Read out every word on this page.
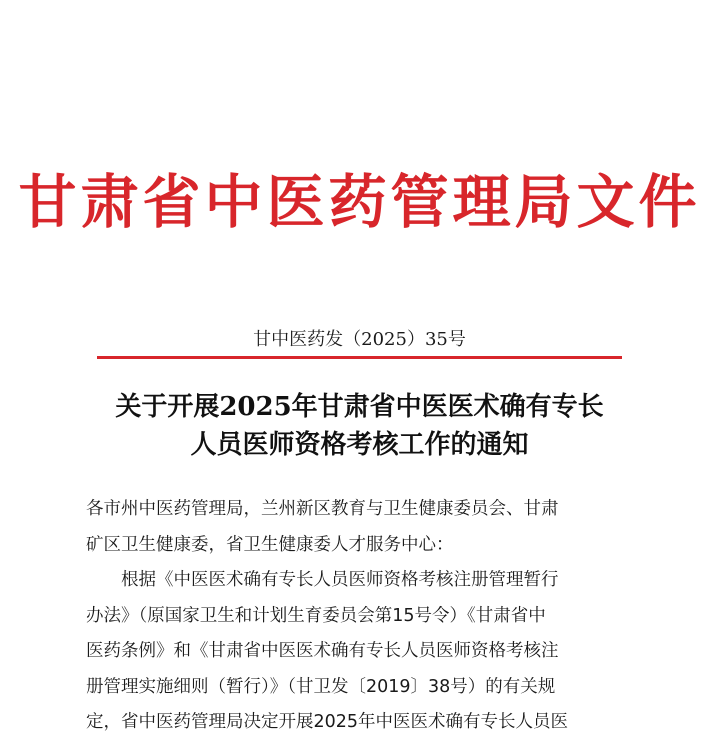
甘肃省中医药管理局文件
甘中医药发（2025）35号
关于开展2025年甘肃省中医医术确有专长
人员医师资格考核工作的通知
各市州中医药管理局，兰州新区教育与卫生健康委员会、甘肃
矿区卫生健康委，省卫生健康委人才服务中心：
根据《中医医术确有专长人员医师资格考核注册管理暂行
办法》（原国家卫生和计划生育委员会第15号令）《甘肃省中
医药条例》和《甘肃省中医医术确有专长人员医师资格考核注
册管理实施细则（暂行）》（甘卫发〔2019〕38号）的有关规
定，省中医药管理局决定开展2025年中医医术确有专长人员医
